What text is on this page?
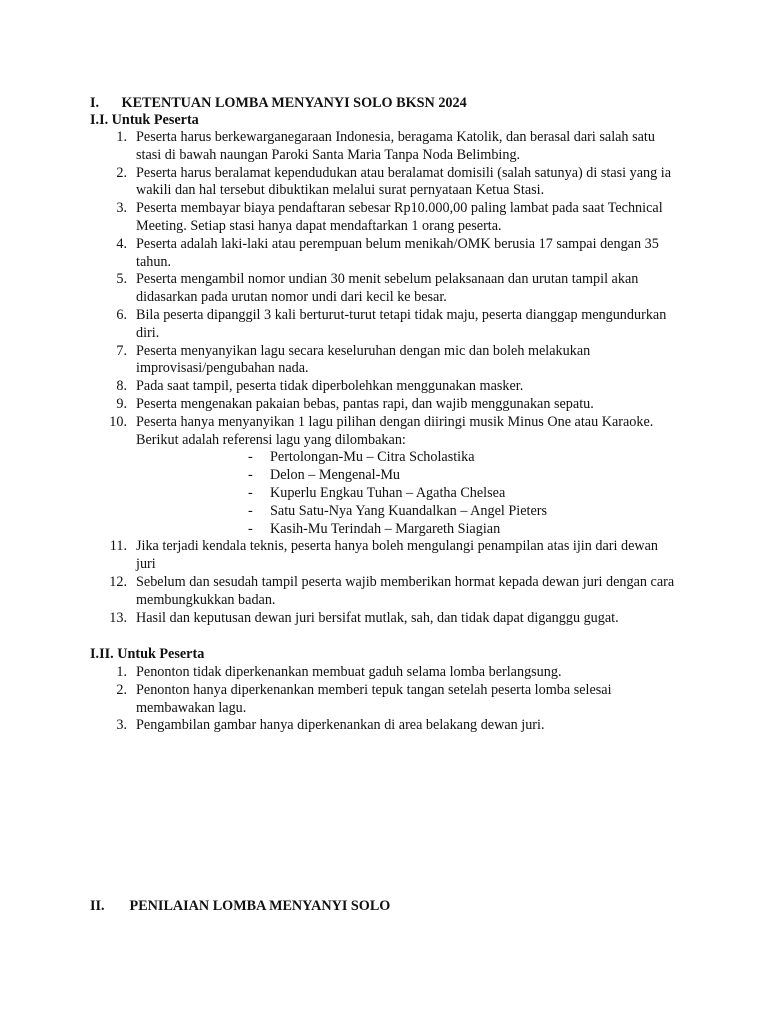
I. KETENTUAN LOMBA MENYANYI SOLO BKSN 2024
I.I. Untuk Peserta
1. Peserta harus berkewarganegaraan Indonesia, beragama Katolik, dan berasal dari salah satu stasi di bawah naungan Paroki Santa Maria Tanpa Noda Belimbing.
2. Peserta harus beralamat kependudukan atau beralamat domisili (salah satunya) di stasi yang ia wakili dan hal tersebut dibuktikan melalui surat pernyataan Ketua Stasi.
3. Peserta membayar biaya pendaftaran sebesar Rp10.000,00 paling lambat pada saat Technical Meeting. Setiap stasi hanya dapat mendaftarkan 1 orang peserta.
4. Peserta adalah laki-laki atau perempuan belum menikah/OMK berusia 17 sampai dengan 35 tahun.
5. Peserta mengambil nomor undian 30 menit sebelum pelaksanaan dan urutan tampil akan didasarkan pada urutan nomor undi dari kecil ke besar.
6. Bila peserta dipanggil 3 kali berturut-turut tetapi tidak maju, peserta dianggap mengundurkan diri.
7. Peserta menyanyikan lagu secara keseluruhan dengan mic dan boleh melakukan improvisasi/pengubahan nada.
8. Pada saat tampil, peserta tidak diperbolehkan menggunakan masker.
9. Peserta mengenakan pakaian bebas, pantas rapi, dan wajib menggunakan sepatu.
10. Peserta hanya menyanyikan 1 lagu pilihan dengan diiringi musik Minus One atau Karaoke. Berikut adalah referensi lagu yang dilombakan:
- Pertolongan-Mu – Citra Scholastika
- Delon – Mengenal-Mu
- Kuperlu Engkau Tuhan – Agatha Chelsea
- Satu Satu-Nya Yang Kuandalkan – Angel Pieters
- Kasih-Mu Terindah – Margareth Siagian
11. Jika terjadi kendala teknis, peserta hanya boleh mengulangi penampilan atas ijin dari dewan juri
12. Sebelum dan sesudah tampil peserta wajib memberikan hormat kepada dewan juri dengan cara membungkukkan badan.
13. Hasil dan keputusan dewan juri bersifat mutlak, sah, dan tidak dapat diganggu gugat.
I.II. Untuk Peserta
1. Penonton tidak diperkenankan membuat gaduh selama lomba berlangsung.
2. Penonton hanya diperkenankan memberi tepuk tangan setelah peserta lomba selesai membawakan lagu.
3. Pengambilan gambar hanya diperkenankan di area belakang dewan juri.
II. PENILAIAN LOMBA MENYANYI SOLO
